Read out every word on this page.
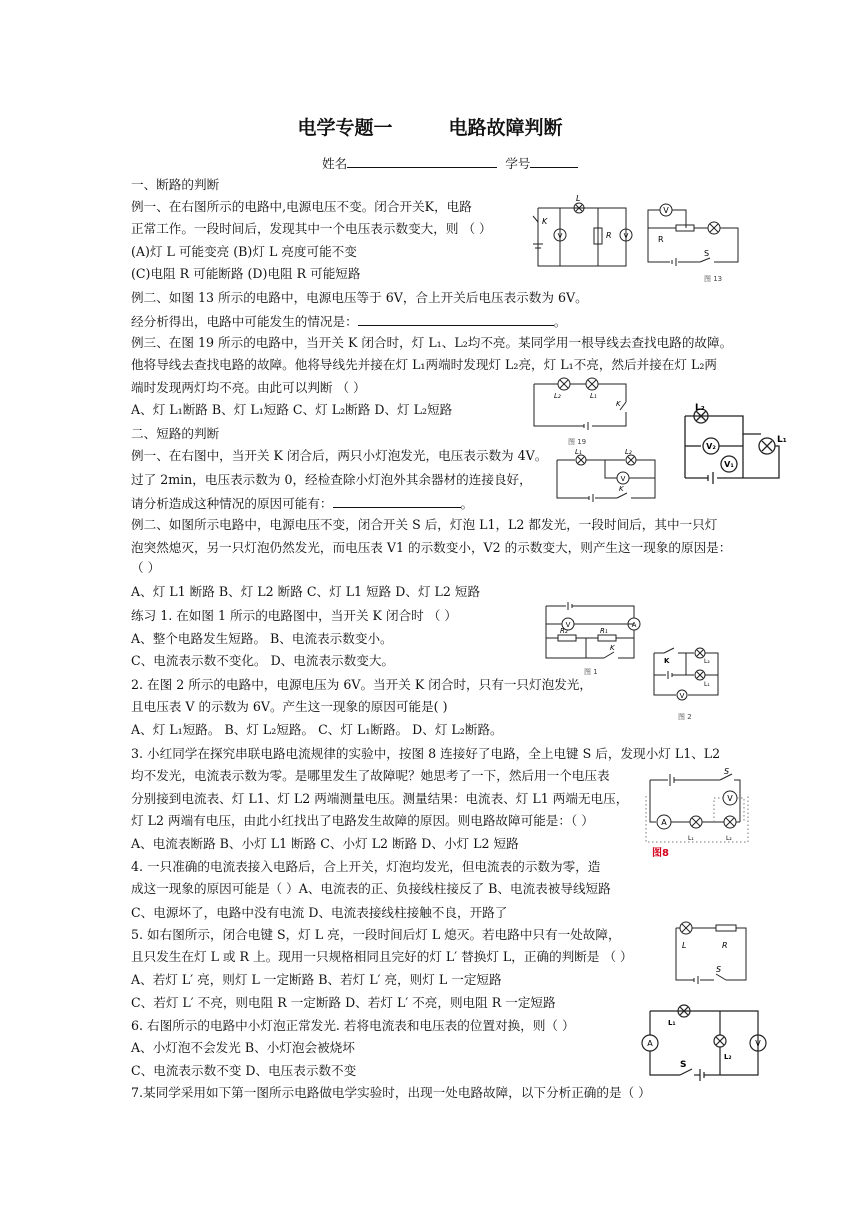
电学专题一	电路故障判断
姓名	学号
一、断路的判断
例一、在右图所示的电路中,电源电压不变。闭合开关K，电路
正常工作。一段时间后，发现其中一个电压表示数变大，则 （ ）
(A)灯 L 可能变亮 (B)灯 L 亮度可能不变
(C)电阻 R 可能断路 (D)电阻 R 可能短路
例二、如图 13 所示的电路中，电源电压等于 6V，合上开关后电压表示数为 6V。
经分析得出，电路中可能发生的情况是：	。
例三、在图 19 所示的电路中，当开关 K 闭合时，灯 L₁、L₂均不亮。某同学用一根导线去查找电路的故障。
他将导线去查找电路的故障。他将导线先并接在灯 L₁两端时发现灯 L₂亮，灯 L₁不亮，然后并接在灯 L₂两
端时发现两灯均不亮。由此可以判断 （ ）
A、灯 L₁断路 B、灯 L₁短路 C、灯 L₂断路 D、灯 L₂短路
二、短路的判断
例一、在右图中，当开关 K 闭合后，两只小灯泡发光，电压表示数为 4V。
过了 2min，电压表示数为 0，经检查除小灯泡外其余器材的连接良好，
请分析造成这种情况的原因可能有：	。
例二、如图所示电路中，电源电压不变，闭合开关 S 后，灯泡 L1，L2 都发光，一段时间后，其中一只灯
泡突然熄灭，另一只灯泡仍然发光，而电压表 V1 的示数变小，V2 的示数变大，则产生这一现象的原因是：
（ ）
A、灯 L1 断路 B、灯 L2 断路 C、灯 L1 短路 D、灯 L2 短路
练习 1. 在如图 1 所示的电路图中，当开关 K 闭合时 （ ）
A、整个电路发生短路。 B、电流表示数变小。
C、电流表示数不变化。 D、电流表示数变大。
2. 在图 2 所示的电路中，电源电压为 6V。当开关 K 闭合时，只有一只灯泡发光，
且电压表 V 的示数为 6V。产生这一现象的原因可能是( )
A、灯 L₁短路。 B、灯 L₂短路。 C、灯 L₁断路。 D、灯 L₂断路。
3. 小红同学在探究串联电路电流规律的实验中，按图 8 连接好了电路，全上电键 S 后，发现小灯 L1、L2
均不发光，电流表示数为零。是哪里发生了故障呢？她思考了一下，然后用一个电压表
分别接到电流表、灯 L1、灯 L2 两端测量电压。测量结果：电流表、灯 L1 两端无电压，
灯 L2 两端有电压，由此小红找出了电路发生故障的原因。则电路故障可能是：（ ）
A、电流表断路 B、小灯 L1 断路 C、小灯 L2 断路 D、小灯 L2 短路
4. 一只准确的电流表接入电路后，合上开关，灯泡均发光，但电流表的示数为零，造
成这一现象的原因可能是（ ）A、电流表的正、负接线柱接反了 B、电流表被导线短路
C、电源坏了，电路中没有电流 D、电流表接线柱接触不良，开路了
5. 如右图所示，闭合电键 S，灯 L 亮，一段时间后灯 L 熄灭。若电路中只有一处故障，
且只发生在灯 L 或 R 上。现用一只规格相同且完好的灯 L′ 替换灯 L，正确的判断是 （ ）
A、若灯 L′ 亮，则灯 L 一定断路 B、若灯 L′ 亮，则灯 L 一定短路
C、若灯 L′ 不亮，则电阻 R 一定断路 D、若灯 L′ 不亮，则电阻 R 一定短路
6. 右图所示的电路中小灯泡正常发光. 若将电流表和电压表的位置对换，则（ ）
A、小灯泡不会发光 B、小灯泡会被烧坏
C、电流表示数不变 D、电压表示数不变
7.某同学采用如下第一图所示电路做电学实验时，出现一处电路故障，以下分析正确的是（ ）
V	V
L
R
K
V
R
S
图 13
L₂	L₁
K
图 19
L₂
V₂
V₁
L₁
L₁	L₂
V
K
V	A
R₂	R₁
K
图 1
K	L₂
L₁
V
图 2
A
V
S
L₁	L₂
图8
L	R
S
A	V
L₁
L₂
S
